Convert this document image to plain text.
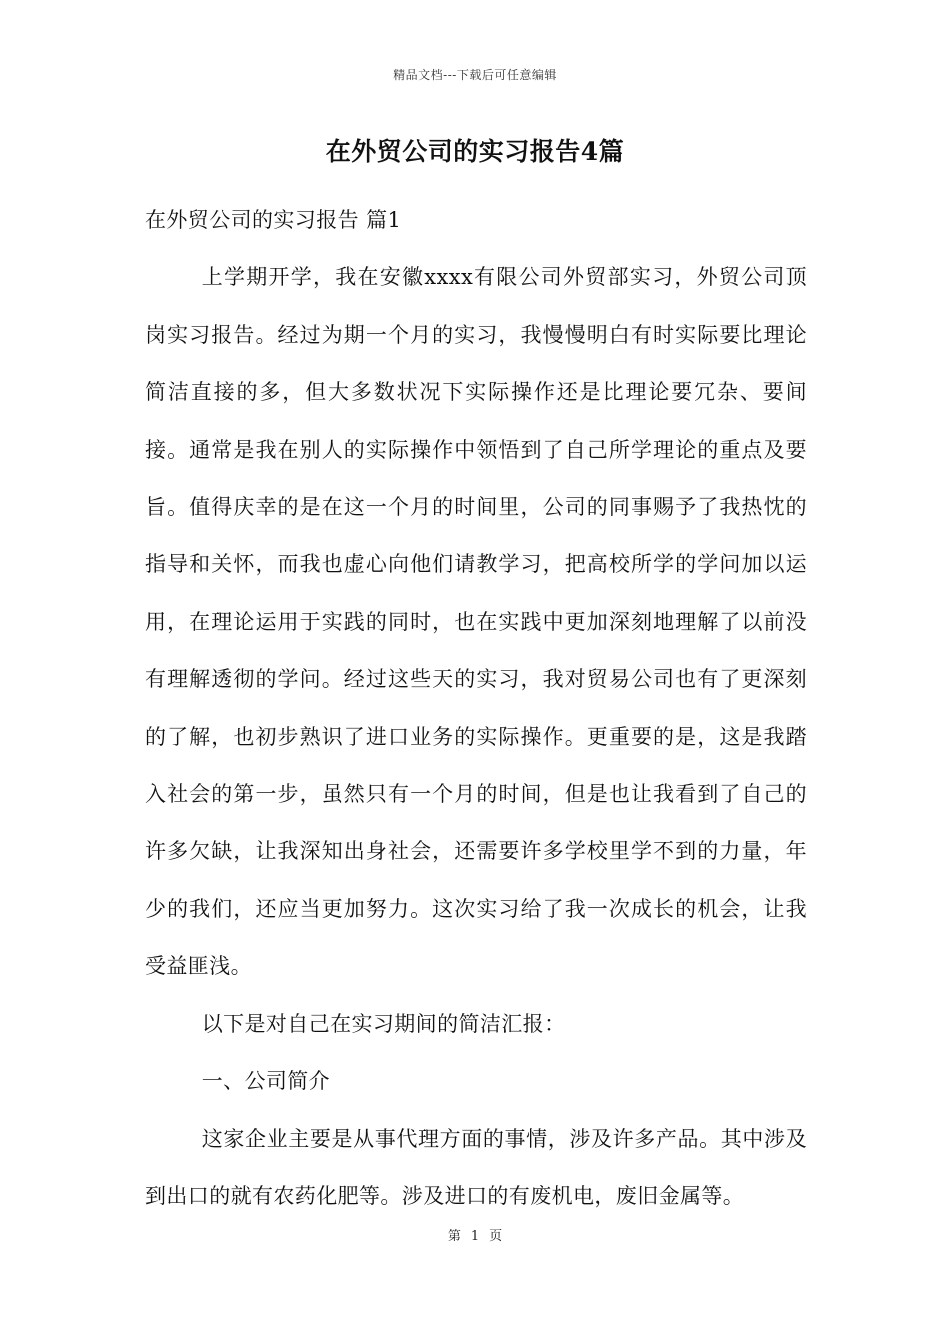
精品文档---下载后可任意编辑
在外贸公司的实习报告4篇

在外贸公司的实习报告 篇1

上学期开学，我在安徽xxxx有限公司外贸部实习，外贸公司顶岗实习报告。经过为期一个月的实习，我慢慢明白有时实际要比理论简洁直接的多，但大多数状况下实际操作还是比理论要冗杂、要间接。通常是我在别人的实际操作中领悟到了自己所学理论的重点及要旨。值得庆幸的是在这一个月的时间里，公司的同事赐予了我热忱的指导和关怀，而我也虚心向他们请教学习，把高校所学的学问加以运用，在理论运用于实践的同时，也在实践中更加深刻地理解了以前没有理解透彻的学问。经过这些天的实习，我对贸易公司也有了更深刻的了解，也初步熟识了进口业务的实际操作。更重要的是，这是我踏入社会的第一步，虽然只有一个月的时间，但是也让我看到了自己的许多欠缺，让我深知出身社会，还需要许多学校里学不到的力量，年少的我们，还应当更加努力。这次实习给了我一次成长的机会，让我受益匪浅。

以下是对自己在实习期间的简洁汇报：

一、公司简介

这家企业主要是从事代理方面的事情，涉及许多产品。其中涉及到出口的就有农药化肥等。涉及进口的有废机电，废旧金属等。

第 1 页
